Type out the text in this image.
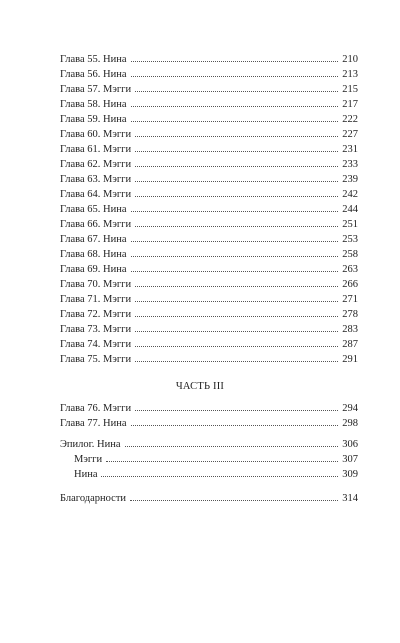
Глава 55. Нина	210
Глава 56. Нина	213
Глава 57. Мэгги	215
Глава 58. Нина	217
Глава 59. Нина	222
Глава 60. Мэгги	227
Глава 61. Мэгги	231
Глава 62. Мэгги	233
Глава 63. Мэгги	239
Глава 64. Мэгги	242
Глава 65. Нина	244
Глава 66. Мэгги	251
Глава 67. Нина	253
Глава 68. Нина	258
Глава 69. Нина	263
Глава 70. Мэгги	266
Глава 71. Мэгги	271
Глава 72. Мэгги	278
Глава 73. Мэгги	283
Глава 74. Мэгги	287
Глава 75. Мэгги	291
ЧАСТЬ III
Глава 76. Мэгги	294
Глава 77. Нина	298
Эпилог. Нина	306
Мэгги	307
Нина	309
Благодарности	314
